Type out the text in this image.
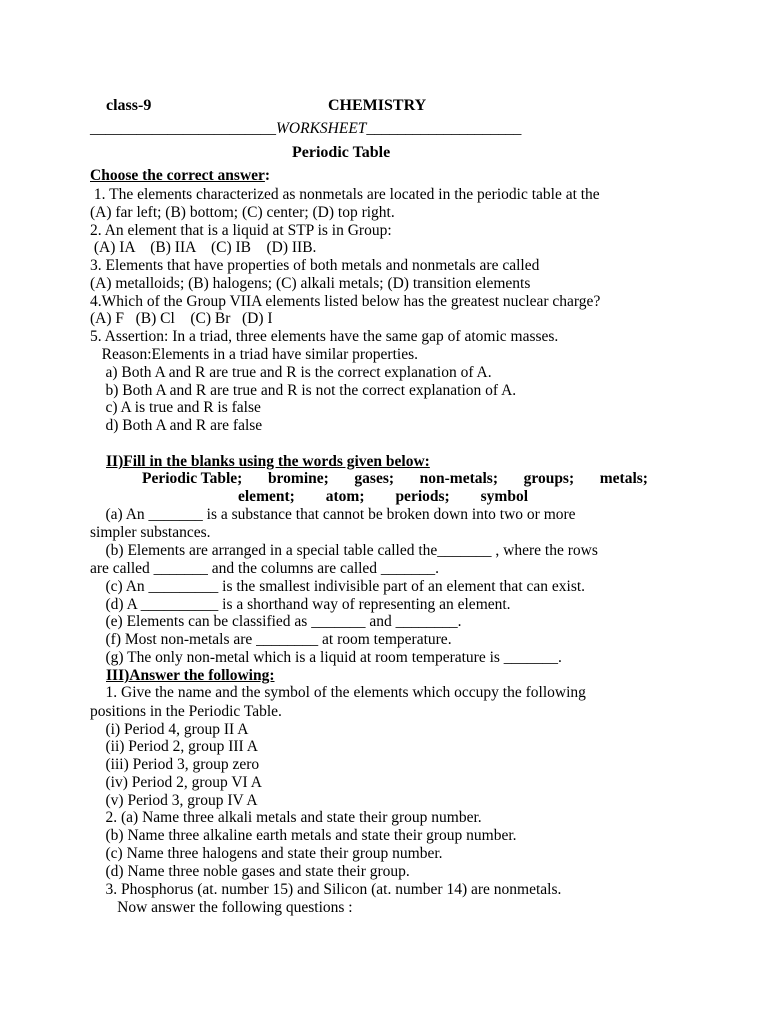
class-9	CHEMISTRY
________________________WORKSHEET____________________
Periodic Table
Choose the correct answer:
1. The elements characterized as nonmetals are located in the periodic table at the
(A) far left; (B) bottom; (C) center; (D) top right.
2. An element that is a liquid at STP is in Group:
(A) IA    (B) IIA    (C) IB    (D) IIB.
3. Elements that have properties of both metals and nonmetals are called
(A) metalloids; (B) halogens; (C) alkali metals; (D) transition elements
4.Which of the Group VIIA elements listed below has the greatest nuclear charge?
(A) F   (B) Cl    (C) Br   (D) I
5. Assertion: In a triad, three elements have the same gap of atomic masses.
Reason:Elements in a triad have similar properties.
a) Both A and R are true and R is the correct explanation of A.
b) Both A and R are true and R is not the correct explanation of A.
c) A is true and R is false
d) Both A and R are false
II)Fill in the blanks using the words given below:
Periodic Table; bromine; gases; non-metals; groups; metals;
element; atom; periods; symbol
(a) An _______ is a substance that cannot be broken down into two or more
simpler substances.
(b) Elements are arranged in a special table called the_______ , where the rows
are called _______ and the columns are called _______.
(c) An _________ is the smallest indivisible part of an element that can exist.
(d) A __________ is a shorthand way of representing an element.
(e) Elements can be classified as _______ and ________.
(f) Most non-metals are ________ at room temperature.
(g) The only non-metal which is a liquid at room temperature is _______.
III)Answer the following:
1. Give the name and the symbol of the elements which occupy the following
positions in the Periodic Table.
(i) Period 4, group II A
(ii) Period 2, group III A
(iii) Period 3, group zero
(iv) Period 2, group VI A
(v) Period 3, group IV A
2. (a) Name three alkali metals and state their group number.
(b) Name three alkaline earth metals and state their group number.
(c) Name three halogens and state their group number.
(d) Name three noble gases and state their group.
3. Phosphorus (at. number 15) and Silicon (at. number 14) are nonmetals.
Now answer the following questions :
